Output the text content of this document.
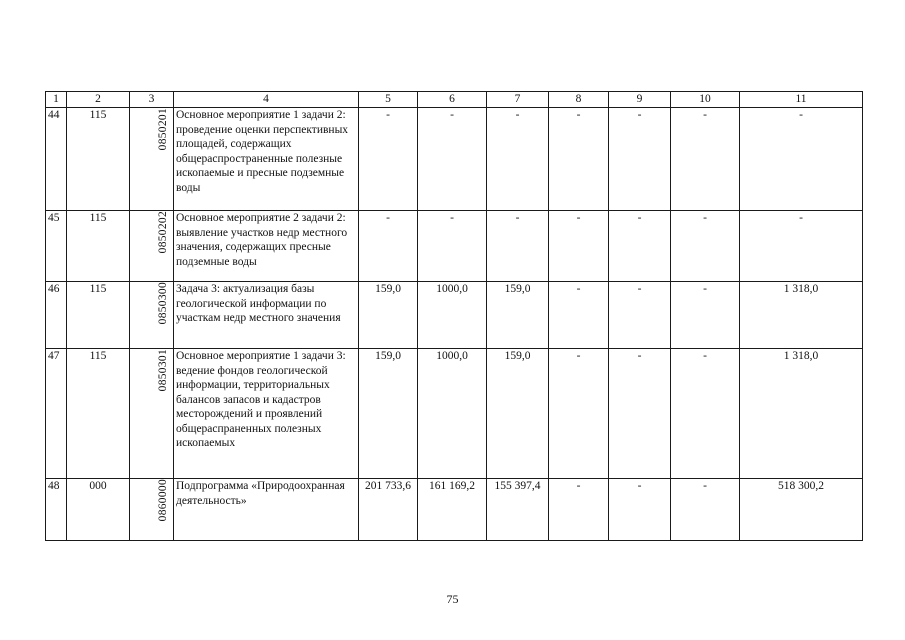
1	2	3	4	5	6	7	8	9	10	11
44	115	0850201	Основное мероприятие 1 задачи 2: проведение оценки перспективных площадей, содержащих общераспространенные полезные ископаемые и пресные подземные воды	-	-	-	-	-	-	-
45	115	0850202	Основное мероприятие 2 задачи 2: выявление участков недр местного значения, содержащих пресные подземные воды	-	-	-	-	-	-	-
46	115	0850300	Задача 3: актуализация базы геологической информации по участкам недр местного значения	159,0	1000,0	159,0	-	-	-	1 318,0
47	115	0850301	Основное мероприятие 1 задачи 3: ведение фондов геологической информации, территориальных балансов запасов и кадастров месторождений и проявлений общераспраненных полезных ископаемых	159,0	1000,0	159,0	-	-	-	1 318,0
48	000	0860000	Подпрограмма «Природоохранная деятельность»	201 733,6	161 169,2	155 397,4	-	-	-	518 300,2
75
